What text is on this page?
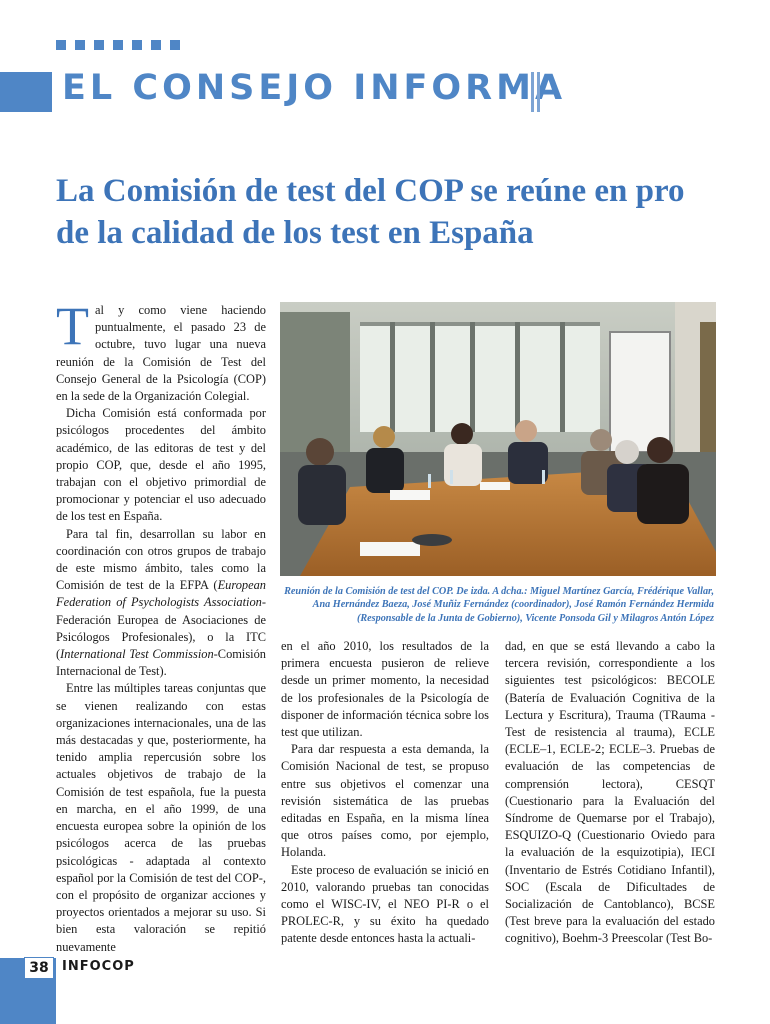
EL CONSEJO INFORMA
La Comisión de test del COP se reúne en pro de la calidad de los test en España

Tal y como viene haciendo puntualmente, el pasado 23 de octubre, tuvo lugar una nueva reunión de la Comisión de Test del Consejo General de la Psicología (COP) en la sede de la Organización Colegial.

Dicha Comisión está conformada por psicólogos procedentes del ámbito académico, de las editoras de test y del propio COP, que, desde el año 1995, trabajan con el objetivo primordial de promocionar y potenciar el uso adecuado de los test en España.

Para tal fin, desarrollan su labor en coordinación con otros grupos de trabajo de este mismo ámbito, tales como la Comisión de test de la EFPA (European Federation of Psychologists Association-Federación Europea de Asociaciones de Psicólogos Profesionales), o la ITC (International Test Commission-Comisión Internacional de Test).

Entre las múltiples tareas conjuntas que se vienen realizando con estas organizaciones internacionales, una de las más destacadas y que, posteriormente, ha tenido amplia repercusión sobre los actuales objetivos de trabajo de la Comisión de test española, fue la puesta en marcha, en el año 1999, de una encuesta europea sobre la opinión de los psicólogos acerca de las pruebas psicológicas - adaptada al contexto español por la Comisión de test del COP-, con el propósito de organizar acciones y proyectos orientados a mejorar su uso. Si bien esta valoración se repitió nuevamente

Reunión de la Comisión de test del COP. De izda. A dcha.: Miguel Martínez García, Frédérique Vallar, Ana Hernández Baeza, José Muñiz Fernández (coordinador), José Ramón Fernández Hermida (Responsable de la Junta de Gobierno), Vicente Ponsoda Gil y Milagros Antón López

en el año 2010, los resultados de la primera encuesta pusieron de relieve desde un primer momento, la necesidad de los profesionales de la Psicología de disponer de información técnica sobre los test que utilizan.

Para dar respuesta a esta demanda, la Comisión Nacional de test, se propuso entre sus objetivos el comenzar una revisión sistemática de las pruebas editadas en España, en la misma línea que otros países como, por ejemplo, Holanda.

Este proceso de evaluación se inició en 2010, valorando pruebas tan conocidas como el WISC-IV, el NEO PI-R o el PROLEC-R, y su éxito ha quedado patente desde entonces hasta la actuali-

dad, en que se está llevando a cabo la tercera revisión, correspondiente a los siguientes test psicológicos: BECOLE (Batería de Evaluación Cognitiva de la Lectura y Escritura), Trauma (TRauma - Test de resistencia al trauma), ECLE (ECLE–1, ECLE-2; ECLE–3. Pruebas de evaluación de las competencias de comprensión lectora), CESQT (Cuestionario para la Evaluación del Síndrome de Quemarse por el Trabajo), ESQUIZO-Q (Cuestionario Oviedo para la evaluación de la esquizotipia), IECI (Inventario de Estrés Cotidiano Infantil), SOC (Escala de Dificultades de Socialización de Cantoblanco), BCSE (Test breve para la evaluación del estado cognitivo), Boehm-3 Preescolar (Test Bo-

38	INFOCOP
